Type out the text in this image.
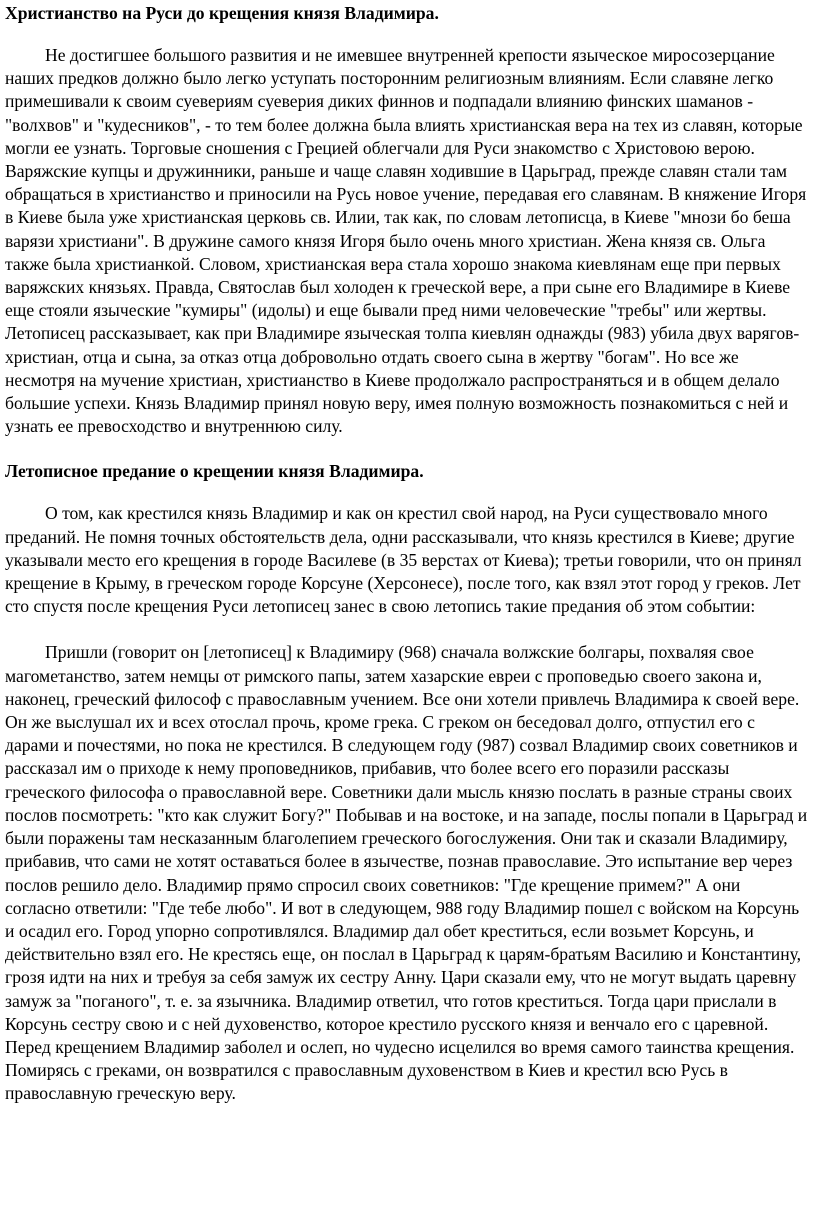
Христианство на Руси до крещения князя Владимира.

Не достигшее большого развития и не имевшее внутренней крепости языческое миросозерцание наших предков должно было легко уступать посторонним религиозным влияниям. Если славяне легко примешивали к своим суевериям суеверия диких финнов и подпадали влиянию финских шаманов - "волхвов" и "кудесников", - то тем более должна была влиять христианская вера на тех из славян, которые могли ее узнать. Торговые сношения с Грецией облегчали для Руси знакомство с Христовою верою. Варяжские купцы и дружинники, раньше и чаще славян ходившие в Царьград, прежде славян стали там обращаться в христианство и приносили на Русь новое учение, передавая его славянам. В княжение Игоря в Киеве была уже христианская церковь св. Илии, так как, по словам летописца, в Киеве "мнози бо беша варязи христиани". В дружине самого князя Игоря было очень много христиан. Жена князя св. Ольга также была христианкой. Словом, христианская вера стала хорошо знакома киевлянам еще при первых варяжских князьях. Правда, Святослав был холоден к греческой вере, а при сыне его Владимире в Киеве еще стояли языческие "кумиры" (идолы) и еще бывали пред ними человеческие "требы" или жертвы. Летописец рассказывает, как при Владимире языческая толпа киевлян однажды (983) убила двух варягов-христиан, отца и сына, за отказ отца добровольно отдать своего сына в жертву "богам". Но все же несмотря на мучение христиан, христианство в Киеве продолжало распространяться и в общем делало большие успехи. Князь Владимир принял новую веру, имея полную возможность познакомиться с ней и узнать ее превосходство и внутреннюю силу.

Летописное предание о крещении князя Владимира.

О том, как крестился князь Владимир и как он крестил свой народ, на Руси существовало много преданий. Не помня точных обстоятельств дела, одни рассказывали, что князь крестился в Киеве; другие указывали место его крещения в городе Василеве (в 35 верстах от Киева); третьи говорили, что он принял крещение в Крыму, в греческом городе Корсуне (Херсонесе), после того, как взял этот город у греков. Лет сто спустя после крещения Руси летописец занес в свою летопись такие предания об этом событии:

Пришли (говорит он [летописец] к Владимиру (968) сначала волжские болгары, похваляя свое магометанство, затем немцы от римского папы, затем хазарские евреи с проповедью своего закона и, наконец, греческий философ с православным учением. Все они хотели привлечь Владимира к своей вере. Он же выслушал их и всех отослал прочь, кроме грека. С греком он беседовал долго, отпустил его с дарами и почестями, но пока не крестился. В следующем году (987) созвал Владимир своих советников и рассказал им о приходе к нему проповедников, прибавив, что более всего его поразили рассказы греческого философа о православной вере. Советники дали мысль князю послать в разные страны своих послов посмотреть: "кто как служит Богу?" Побывав и на востоке, и на западе, послы попали в Царьград и были поражены там несказанным благолепием греческого богослужения. Они так и сказали Владимиру, прибавив, что сами не хотят оставаться более в язычестве, познав православие. Это испытание вер через послов решило дело. Владимир прямо спросил своих советников: "Где крещение примем?" А они согласно ответили: "Где тебе любо". И вот в следующем, 988 году Владимир пошел с войском на Корсунь и осадил его. Город упорно сопротивлялся. Владимир дал обет креститься, если возьмет Корсунь, и действительно взял его. Не крестясь еще, он послал в Царьград к царям-братьям Василию и Константину, грозя идти на них и требуя за себя замуж их сестру Анну. Цари сказали ему, что не могут выдать царевну замуж за "поганого", т. е. за язычника. Владимир ответил, что готов креститься. Тогда цари прислали в Корсунь сестру свою и с ней духовенство, которое крестило русского князя и венчало его с царевной. Перед крещением Владимир заболел и ослеп, но чудесно исцелился во время самого таинства крещения. Помирясь с греками, он возвратился с православным духовенством в Киев и крестил всю Русь в православную греческую веру.
